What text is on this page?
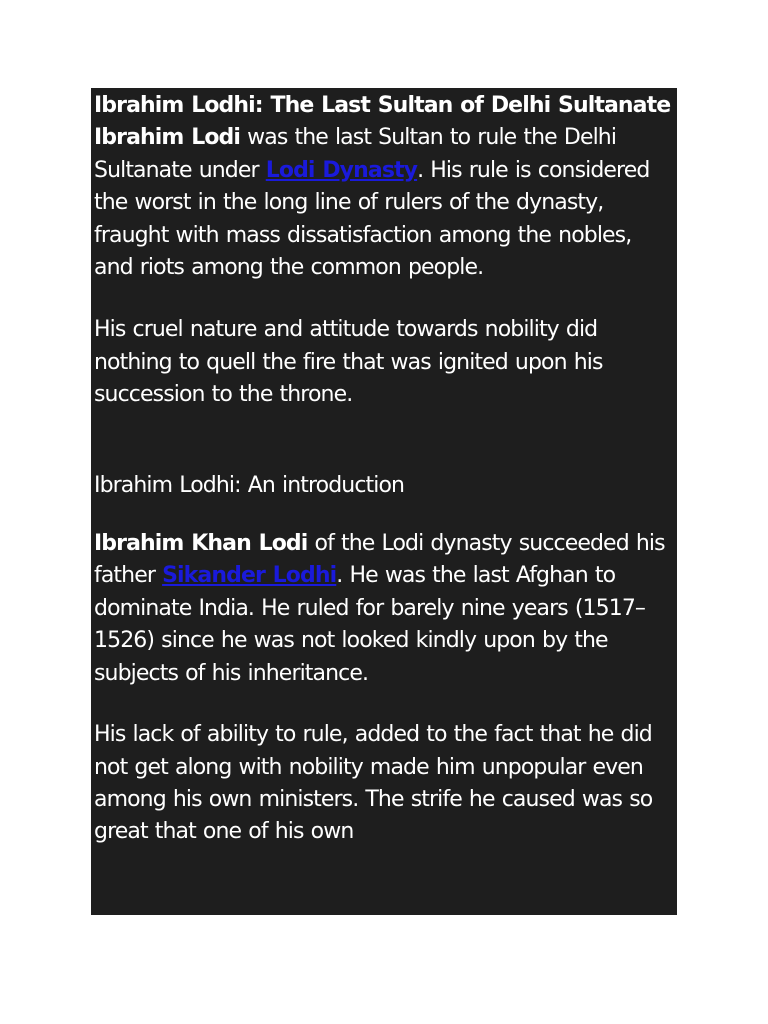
Ibrahim Lodhi: The Last Sultan of Delhi Sultanate

Ibrahim Lodi was the last Sultan to rule the Delhi Sultanate under Lodi Dynasty. His rule is considered the worst in the long line of rulers of the dynasty, fraught with mass dissatisfaction among the nobles, and riots among the common people.

His cruel nature and attitude towards nobility did nothing to quell the fire that was ignited upon his succession to the throne.

Ibrahim Lodhi: An introduction

Ibrahim Khan Lodi of the Lodi dynasty succeeded his father Sikander Lodhi. He was the last Afghan to dominate India. He ruled for barely nine years (1517–1526) since he was not looked kindly upon by the subjects of his inheritance.

His lack of ability to rule, added to the fact that he did not get along with nobility made him unpopular even among his own ministers. The strife he caused was so great that one of his own
